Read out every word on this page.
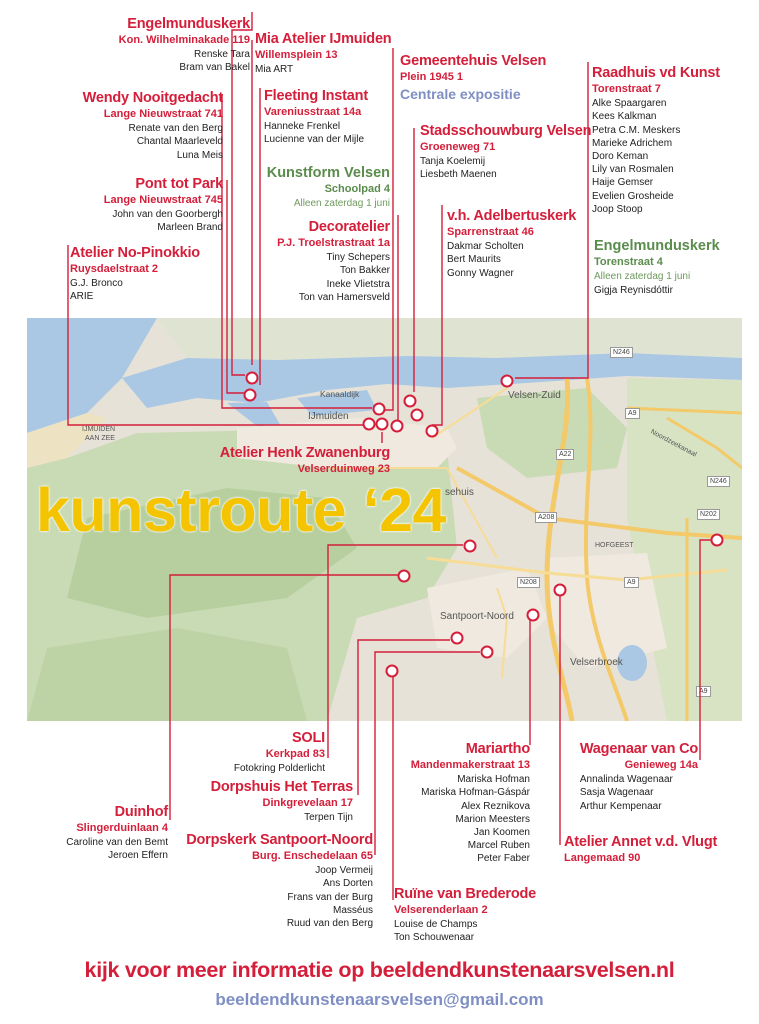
Kanaaldijk
IJmuiden
IJMUIDEN
AAN ZEE
Velsen-Zuid
Santpoort-Noord
Velserbroek
HOFGEEST
Noordzeekanaal
sehuis
N246
A9
A22
A208
N208
N202
N246
A9
A9
kunstroute ‘24
Engelmunduskerk
Kon. Wilhelminakade 119
Renske Tara
Bram van Bakel
Wendy Nooitgedacht
Lange Nieuwstraat 741
Renate van den Berg
Chantal Maarleveld
Luna Meis
Pont tot Park
Lange Nieuwstraat 745
John van den Goorbergh
Marleen Brand
Atelier No-Pinokkio
Ruysdaelstraat 2
G.J. Bronco
ARIE
Mia Atelier IJmuiden
Willemsplein 13
Mia ART
Fleeting Instant
Vareniusstraat 14a
Hanneke Frenkel
Lucienne van der Mijle
Kunstform Velsen
Schoolpad 4
Alleen zaterdag 1 juni
Decoratelier
P.J. Troelstrastraat 1a
Tiny Schepers
Ton Bakker
Ineke Vlietstra
Ton van Hamersveld
Gemeentehuis Velsen
Plein 1945 1
Centrale expositie
Stadsschouwburg Velsen
Groeneweg 71
Tanja Koelemij
Liesbeth Maenen
v.h. Adelbertuskerk
Sparrenstraat 46
Dakmar Scholten
Bert Maurits
Gonny Wagner
Raadhuis vd Kunst
Torenstraat 7
Alke Spaargaren
Kees Kalkman
Petra C.M. Meskers
Marieke Adrichem
Doro Keman
Lily van Rosmalen
Haije Gemser
Evelien Grosheide
Joop Stoop
Engelmunduskerk
Torenstraat 4
Alleen zaterdag 1 juni
Gigja Reynisdóttir
Atelier Henk Zwanenburg
Velserduinweg 23
SOLI
Kerkpad 83
Fotokring Polderlicht
Dorpshuis Het Terras
Dinkgrevelaan 17
Terpen Tijn
Dorpskerk Santpoort-Noord
Burg. Enschedelaan 65
Joop Vermeij
Ans Dorten
Frans van der Burg
Masséus
Ruud van den Berg
Duinhof
Slingerduinlaan 4
Caroline van den Bemt
Jeroen Effern
Ruïne van Brederode
Velserenderlaan 2
Louise de Champs
Ton Schouwenaar
Mariartho
Mandenmakerstraat 13
Mariska Hofman
Mariska Hofman-Gáspár
Alex Reznikova
Marion Meesters
Jan Koomen
Marcel Ruben
Peter Faber
Wagenaar van Co
Genieweg 14a
Annalinda Wagenaar
Sasja Wagenaar
Arthur Kempenaar
Atelier Annet v.d. Vlugt
Langemaad 90
kijk voor meer informatie op beeldendkunstenaarsvelsen.nl
beeldendkunstenaarsvelsen@gmail.com
